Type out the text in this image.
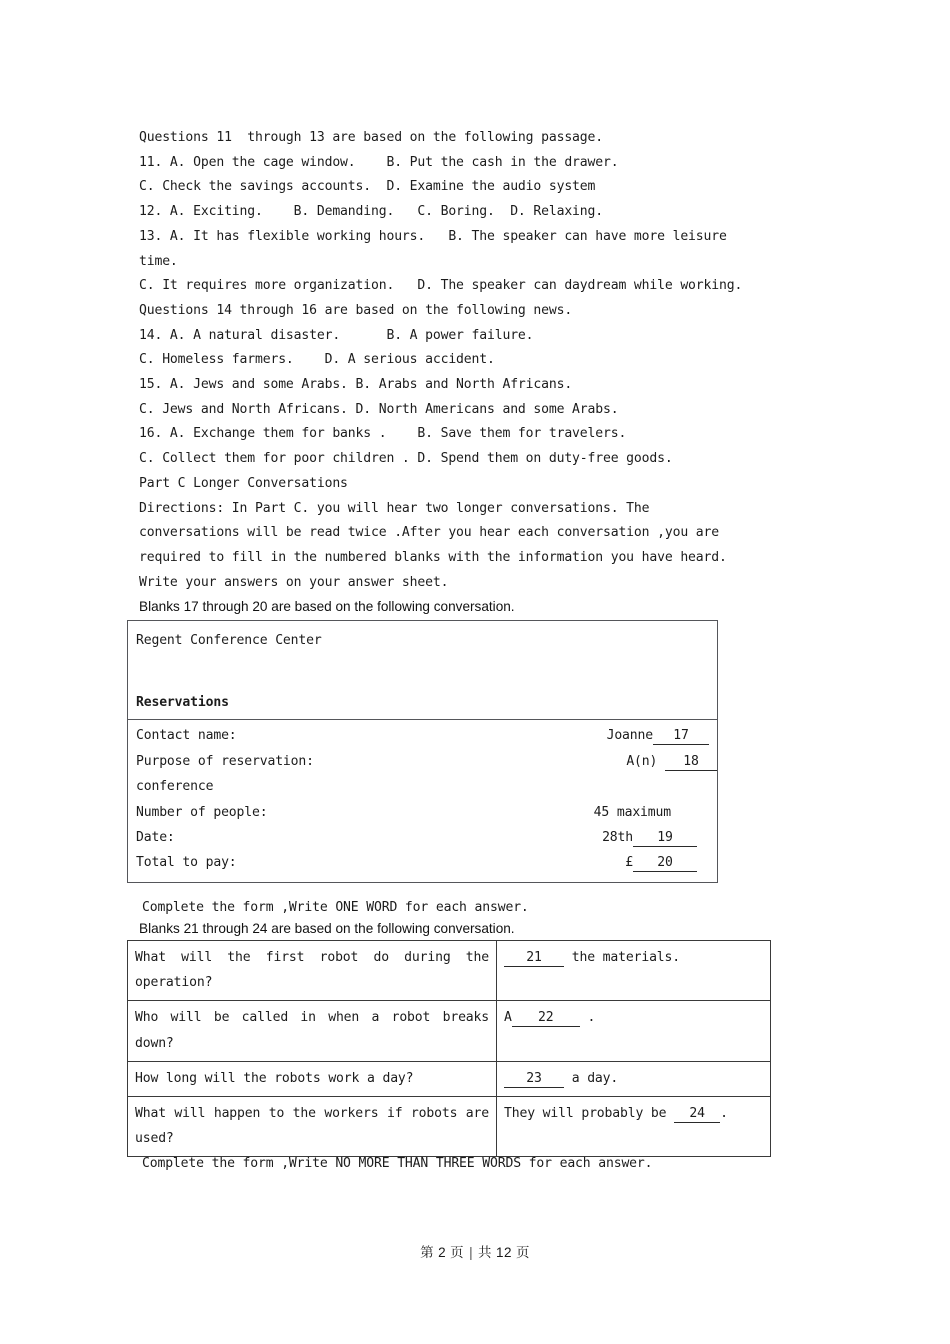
Questions 11  through 13 are based on the following passage.

11. A. Open the cage window.    B. Put the cash in the drawer.

C. Check the savings accounts.  D. Examine the audio system

12. A. Exciting.    B. Demanding.   C. Boring.  D. Relaxing.

13. A. It has flexible working hours.   B. The speaker can have more leisure

time.

C. It requires more organization.   D. The speaker can daydream while working.

Questions 14 through 16 are based on the following news.

14. A. A natural disaster.      B. A power failure.

C. Homeless farmers.    D. A serious accident.

15. A. Jews and some Arabs. B. Arabs and North Africans.

C. Jews and North Africans. D. North Americans and some Arabs.

16. A. Exchange them for banks .    B. Save them for travelers.

C. Collect them for poor children . D. Spend them on duty-free goods.

Part C Longer Conversations

Directions: In Part C. you will hear two longer conversations. The

conversations will be read twice .After you hear each conversation ,you are

required to fill in the numbered blanks with the information you have heard.

Write your answers on your answer sheet.

Blanks 17 through 20 are based on the following conversation.

Regent Conference Center
Reservations

Contact name:	Joanne 17
Purpose of reservation:	A(n) 18
conference
Number of people:	45 maximum
Date:	28th 19
Total to pay:	£ 20

Complete the form ,Write ONE WORD for each answer.

Blanks 21 through 24 are based on the following conversation.

What will the first robot do during the operation?	21 the materials.
Who will be called in when a robot breaks down?	A 22 .
How long will the robots work a day?	23 a day.
What will happen to the workers if robots are used?	They will probably be 24 .

Complete the form ,Write NO MORE THAN THREE WORDS for each answer.

第 2 页 | 共 12 页
